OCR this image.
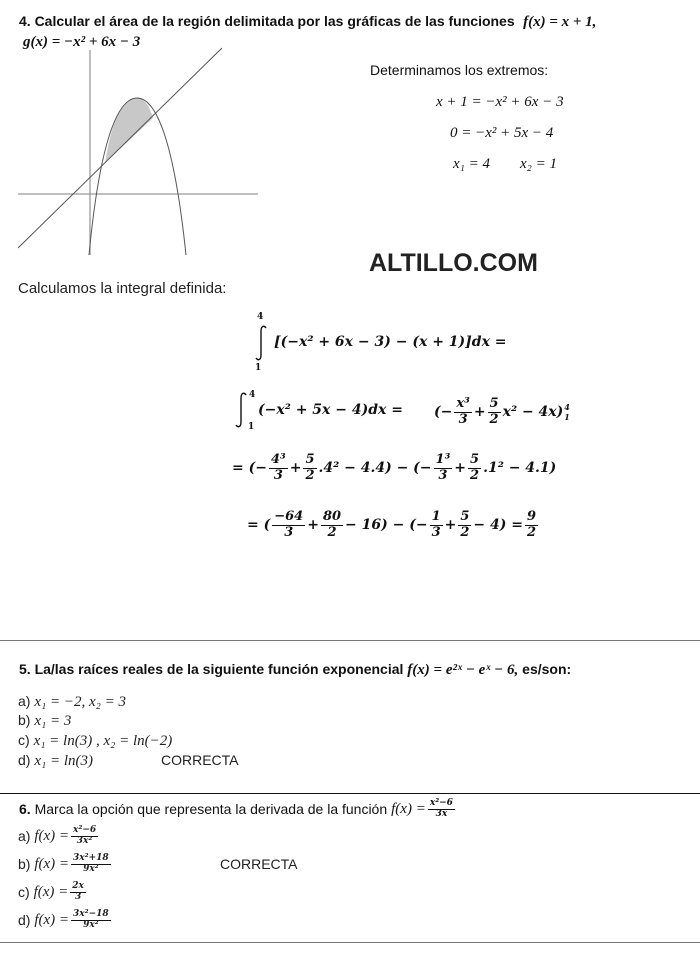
4. Calcular el área de la región delimitada por las gráficas de las funciones f(x) = x + 1,
g(x) = −x² + 6x − 3
Determinamos los extremos:
x + 1 = −x² + 6x − 3
0 = −x² + 5x − 4
x₁ = 4 x₂ = 1
ALTILLO.COM
Calculamos la integral definida:
4
1
[(−x² + 6x − 3) − (x + 1)]dx =
4
1
(−x² + 5x − 4)dx = (− $\frac{\text{x³}}{3} + \frac{5}{2} x^2 - 4x$) 4
1
= (− $\frac{\text{4³}}{3} + \frac{5}{2} .4^2 - 4.4$) − (− $\frac{\text{1³}}{3} + \frac{5}{2} .1^2 - 4.1$)
= ( $\frac{-64}{3} + \frac{80}{2} - 16$) − (− $\frac{1}{3} + \frac{5}{2} - 4) = \frac{9}{2}$
5. La/las raíces reales de la siguiente función exponencial f(x) = e²ˣ − eˣ − 6, es/son:
a) x₁ = −2, x₂ = 3
b) x₁ = 3
c) x₁ = ln(3) , x₂ = ln(−2)
d) x₁ = ln(3)	CORRECTA
6. Marca la opción que representa la derivada de la función $f(x) = \frac{\text{x²−6}}{3x}$
a)
$f(x) = \frac{\text{x²−6}}{\text{3x²}}$
b)
$f(x) = \frac{\text{3x²+18}}{\text{9x²}}$	CORRECTA
c)
$f(x) = \frac{2x}{3}$
d)
$f(x) = \frac{\text{3x²−18}}{\text{9x²}}$
